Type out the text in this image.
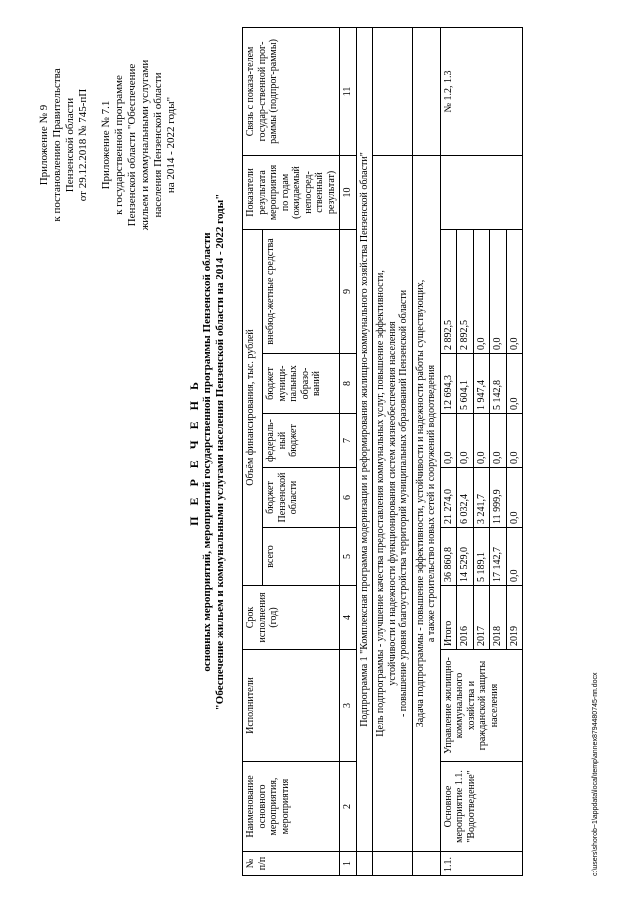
Приложение № 9 к постановлению Правительства Пензенской области от 29.12.2018 № 745-пП Приложение № 7.1 к государственной программе Пензенской области "Обеспечение жильем и коммунальными услугами населения Пензенской области на 2014 - 2022 годы"
П Е Р Е Ч Е Н Ь основных мероприятий, мероприятий государственной программы Пензенской области "Обеспечение жильем и коммунальными услугами населения Пензенской области на 2014 - 2022 годы"
№ п/п	Наименование основного мероприятия, мероприятия	Исполнители	Срок исполнения (год)	Объём финансирования, тыс. рублей					Показатели результата мероприятия по годам (ожидаемый непосред-ственный результат)	Связь с показа-телем государ-ственной прог-раммы (подпрог-раммы)
				всего	бюджет Пензенской области	федераль-ный бюджет	бюджет муници-пальных образо-ваний	внебюд-жетные средства		
1	2	3	4	5	6	7	8	9	10	11
	Подпрограмма 1 "Комплексная программа модернизации и реформирования жилищно-коммунального хозяйства Пензенской области"									

	Цель подпрограммы - улучшение качества предоставления коммунальных услуг, повышение эффективности, устойчивости и надежности функционирования систем жизнеобеспечения населения - повышение уровня благоустройства территорий муниципальных образований Пензенской области									

	Задача подпрограммы - повышение эффективности, устойчивости и надежности работы существующих, а также строительство новых сетей и сооружений водоотведения									

1.1.	Основное мероприятие 1.1. "Водоотведение"	Управление жилищно-коммунального хозяйства и гражданской защиты населения	Итого	36 860,8	21 274,0	0,0	12 694,3	2 892,5		№ 1.2, 1.3
			2016	14 529,0	6 032,4	0,0	5 604,1	2 892,5		
			2017	5 189,1	3 241,7	0,0	1 947,4	0,0		
			2018	17 142,7	11 999,9	0,0	5 142,8	0,0		
			2019	0,0	0,0	0,0	0,0	0,0		
c:\users\shorob~1\appdata\local\temp\annex8794480745-пп.docx
